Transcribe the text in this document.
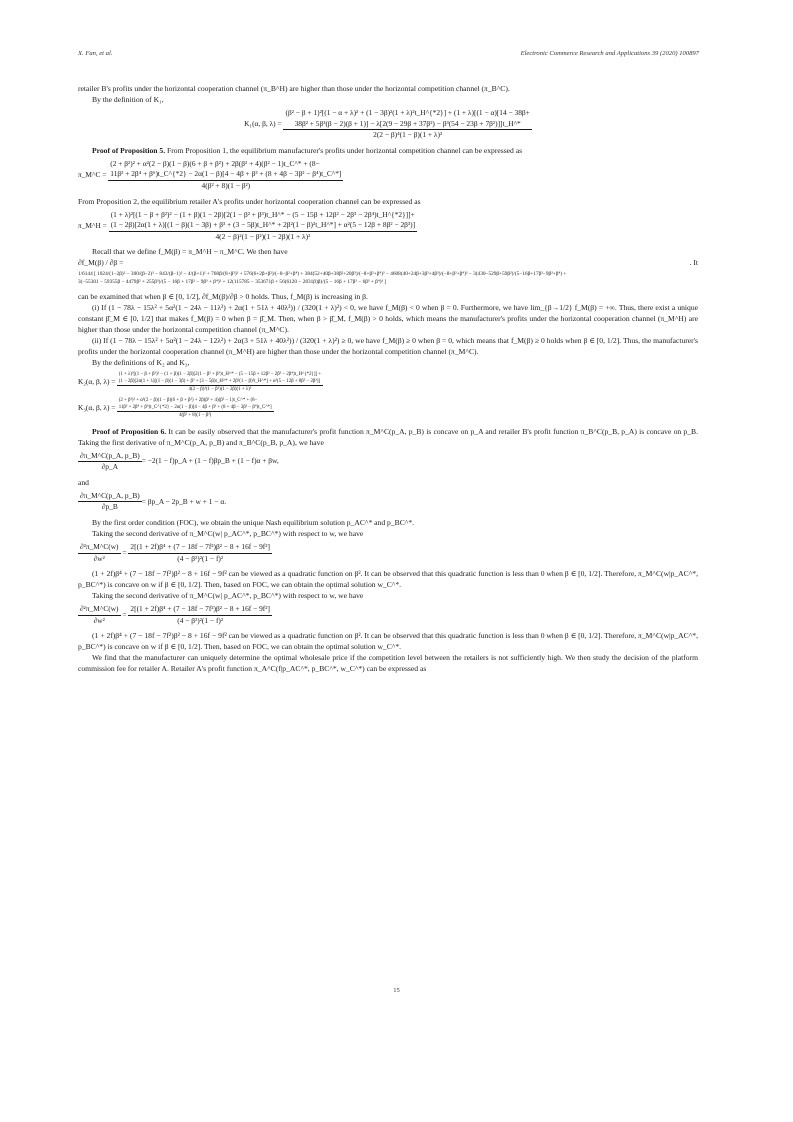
X. Fan, et al.	Electronic Commerce Research and Applications 39 (2020) 100897

retailer B's profits under the horizontal cooperation channel (π_B^H) are higher than those under the horizontal competition channel (π_B^C).

By the definition of K₁,

K₁(α, β, λ) =
(β² − β + 1)²[(1 − α + λ)² + (1 − 3β)²(1 + λ)²t_H^{*2}] + (1 + λ)[(1 − α)[14 − 38β+
38β² + 5β³(β − 2)(β + 1)] − λ[2(9 − 29β + 37β²) − β³(54 − 23β + 7β²)]]t_H^*
2(2 − β)⁴(1 − β)(1 + λ)²

Proof of Proposition 5. From Proposition 1, the equilibrium manufacturer's profits under horizontal competition channel can be expressed as

π_M^C =
(2 + β²)² + α²(2 − β)(1 − β)(6 + β + β²) + 2β(β² + 4)(β² − 1)t_C^* + (8−
11β² + 2β⁴ + β⁶)t_C^{*2} − 2α(1 − β)[4 − 4β + β³ + (8 + 4β − 3β² − β⁴)t_C^*]
4(β² + 8)(1 − β²)

From Proposition 2, the equilibrium retailer A's profits under horizontal cooperation channel can be expressed as

π_M^H =
(1 + λ)²[(1 − β + β²)² − (1 + β)(1 − 2β)[2(1 − β² + β³)t_H^* − (5 − 15β + 12β² − 2β³ − 2β⁴)t_H^{*2}]]+
(1 − 2β)[2α(1 + λ)[(1 − β)(1 − 3β) + β³ + (3 − 5β)t_H^* + 2β²(1 − β)²t_H^*] + α²(5 − 12β + 8β² − 2β³)]
4(2 − β)²(1 − β²)(1 − 2β)(1 + λ)²

Recall that we define f_M(β) = π_M^H − π_M^C. We then have

∂f_M(β) / ∂β =	. It
1/6144 [ 1024/(1−2β)² − 300/(β−2)³ − 843/(β−1)² − 4/(β+1)² + 768β/(8+β²)² + 576(6+2β+β²)/(−8−β²+β⁴) + 384(52+40β+38β²+20β³)/(−8+β²+β⁴)² − 4608(40+24β+3β²+4β³)/(−8+β²+β⁴)³ − 3(430−529β+59β²)/(5−16β+17β²−9β³+β⁴) +
3(−55301 − 59355β − 4479β² + 255β³)/(5 − 16β + 17β² − 9β³ + β⁴)² + 12(115785 − 353671β + 56(6120 − 2831β)β)/(5 − 16β + 17β² − 6β³ + β⁴)³ ]

can be examined that when β ∈ [0, 1/2], ∂f_M(β)/∂β > 0 holds. Thus, f_M(β) is increasing in β.

(i) If (1 − 78λ − 15λ² + 5α²(1 − 24λ − 11λ²) + 2α(1 + 51λ + 40λ²)) / (320(1 + λ)²) < 0, we have f_M(β) < 0 when β = 0. Furthermore, we have lim_{β→1/2} f_M(β) = +∞. Thus, there exist a unique constant β̂_M ∈ [0, 1/2] that makes f_M(β) = 0 when β = β̂_M. Then, when β > β̂_M, f_M(β) > 0 holds, which means the manufacturer's profits under the horizontal cooperation channel (π_M^H) are higher than those under the horizontal competition channel (π_M^C).

(ii) If (1 − 78λ − 15λ² + 5α²(1 − 24λ − 12λ²) + 2α(3 + 51λ + 40λ²)) / (320(1 + λ)²) ≥ 0, we have f_M(β) ≥ 0 when β = 0, which means that f_M(β) ≥ 0 holds when β ∈ [0, 1/2]. Thus, the manufacturer's profits under the horizontal cooperation channel (π_M^H) are higher than those under the horizontal competition channel (π_M^C).

By the definitions of K₂ and K₃,

K₂(α, β, λ) =
(1 + λ)²[(1 − β + β²)² − (1 + β)(1 − 2β)[2(1 − β² + β³)t_H^* − (5 − 15β + 12β² − 2β³ − 2β⁴)t_H^{*2}]] +
(1 − 2β)[2α(1 + λ)[(1 − β)(1 − 3β) + β³ + (3 − 5β)t_H^* + 2β²(1 − β)²t_H^*] + α²(5 − 12β + 8β² − 2β³)]
4(2 − β)²(1 − β²)(1 − 2β)(1 + λ)²
K₃(α, β, λ) =
(2 + β²)² + α²(2 − β)(1 − β)(6 + β + β²) + 2β(β² + 4)(β² − 1)t_C^* + (8−
11β² + 2β⁴ + β⁶)t_C^{*2} − 2α(1 − β)[4 − 4β + β³ + (8 + 4β − 3β² − β⁴)t_C^*]
4(β² + 8)(1 − β²)

Proof of Proposition 6. It can be easily observed that the manufacturer's profit function π_M^C(p_A, p_B) is concave on p_A and retailer B's profit function π_B^C(p_B, p_A) is concave on p_B. Taking the first derivative of π_M^C(p_A, p_B) and π_B^C(p_B, p_A), we have

$\frac{\partial\pi\_M\^{}C(p\_A, p\_B)}{\partial p\_A} = -2(1$ − f)p_A + (1 − f)βp_B + (1 − f)α + βw,

and

$\frac{\partial\pi\_M\^{}C(p\_A, p\_B)}{\partial p\_B}$ = βp_A − 2p_B + w + 1 − α.

By the first order condition (FOC), we obtain the unique Nash equilibrium solution p_AC^* and p_BC^*.

Taking the second derivative of π_M^C(w| p_AC^*, p_BC^*) with respect to w, we have

$\frac{\text{∂²π\_M\textasciicircum{}C(w)}}{\text{∂w²}} = \frac{\text{2[(1 + 2f)β⁴ + (7 − 18f − 7f²)β² − 8 + 16f − 9f²]}}{\text{(4 − β²)²(1 − f)²}}$

(1 + 2f)β⁴ + (7 − 18f − 7f²)β² − 8 + 16f − 9f² can be viewed as a quadratic function on β². It can be observed that this quadratic function is less than 0 when β ∈ [0, 1/2]. Therefore, π_M^C(w|p_AC^*, p_BC^*) is concave on w if β ∈ [0, 1/2]. Then, based on FOC, we can obtain the optimal solution w_C^*.

Taking the second derivative of π_M^C(w| p_AC^*, p_BC^*) with respect to w, we have

$\frac{\text{∂²π\_M\textasciicircum{}C(w)}}{\text{∂w²}} = \frac{\text{2[(1 + 2f)β⁴ + (7 − 18f − 7f²)β² − 8 + 16f − 9f²]}}{\text{(4 − β²)²(1 − f)²}}$

(1 + 2f)β⁴ + (7 − 18f − 7f²)β² − 8 + 16f − 9f² can be viewed as a quadratic function on β². It can be observed that this quadratic function is less than 0 when β ∈ [0, 1/2]. Therefore, π_M^C(w|p_AC^*, p_BC^*) is concave on w if β ∈ [0, 1/2]. Then, based on FOC, we can obtain the optimal solution w_C^*.

We find that the manufacturer can uniquely determine the optimal wholesale price if the competition level between the retailers is not sufficiently high. We then study the decision of the platform commission fee for retailer A. Retailer A's profit function π_A^C(f|p_AC^*, p_BC^*, w_C^*) can be expressed as

15
